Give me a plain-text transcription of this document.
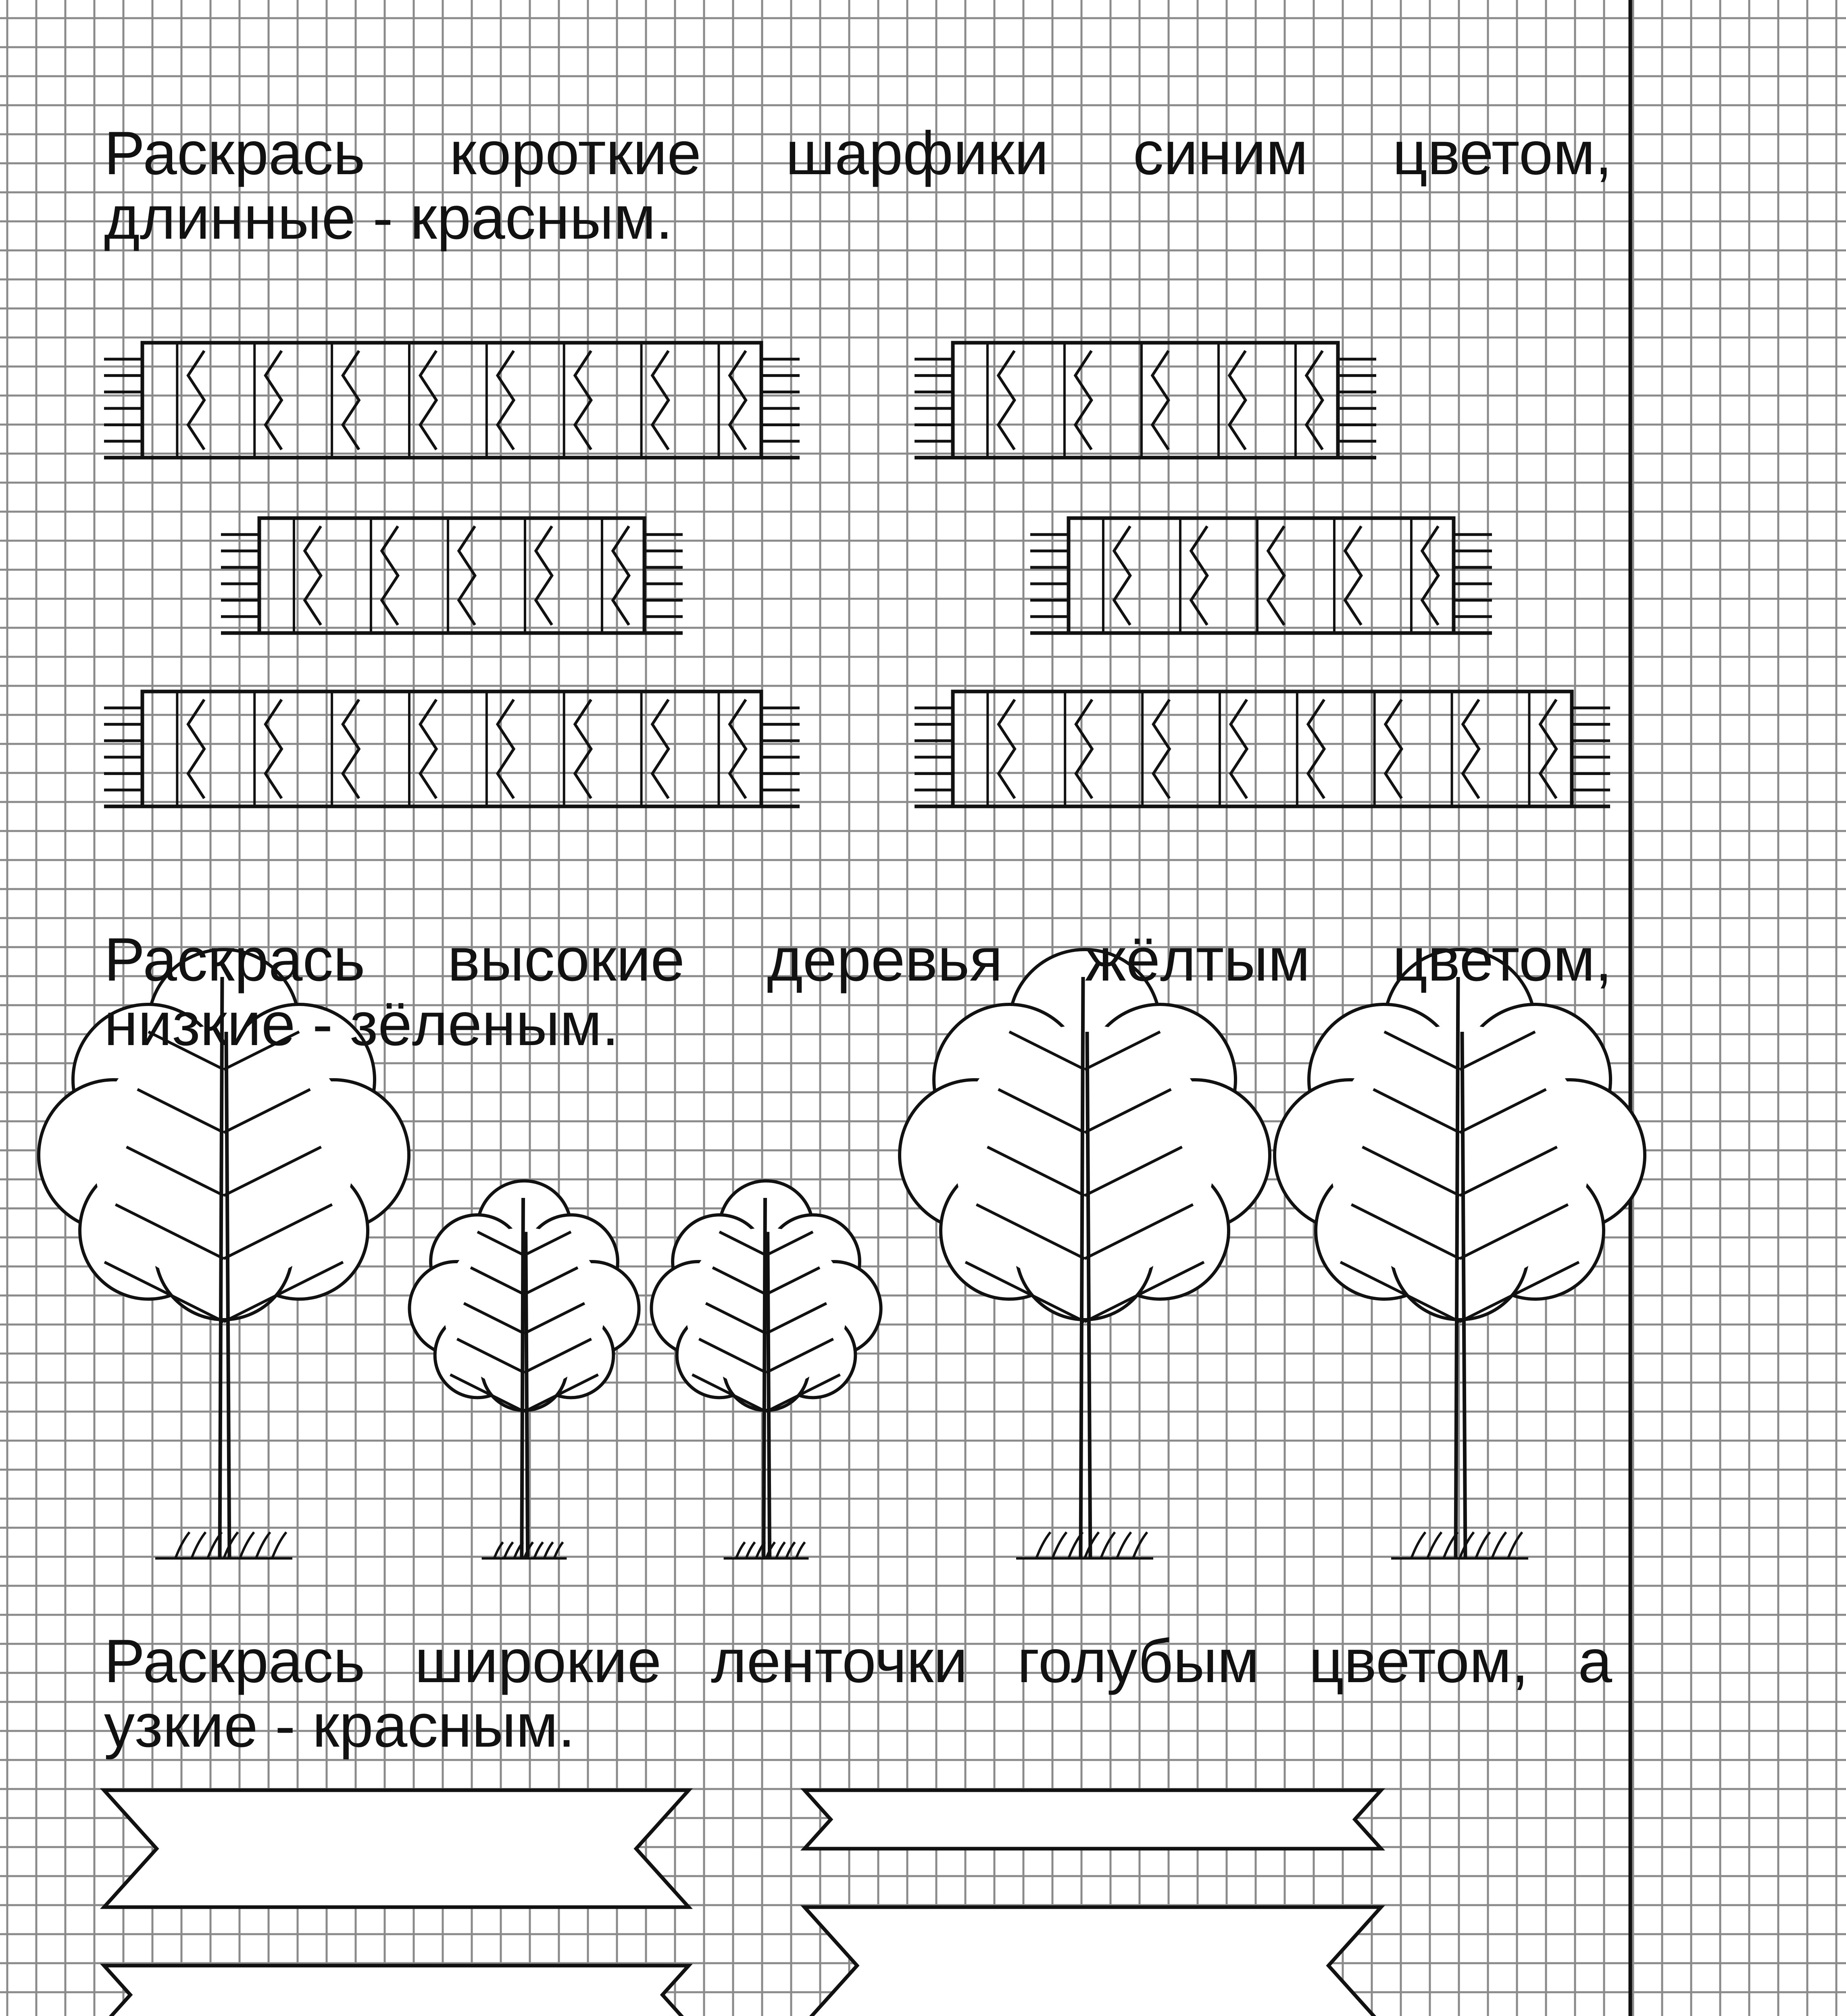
Раскрась короткие шарфики синим цветом,
длинные - красным.

Раскрась высокие деревья жёлтым цветом,
низкие - зёленым.

Раскрась широкие ленточки голубым цветом, а
узкие - красным.
